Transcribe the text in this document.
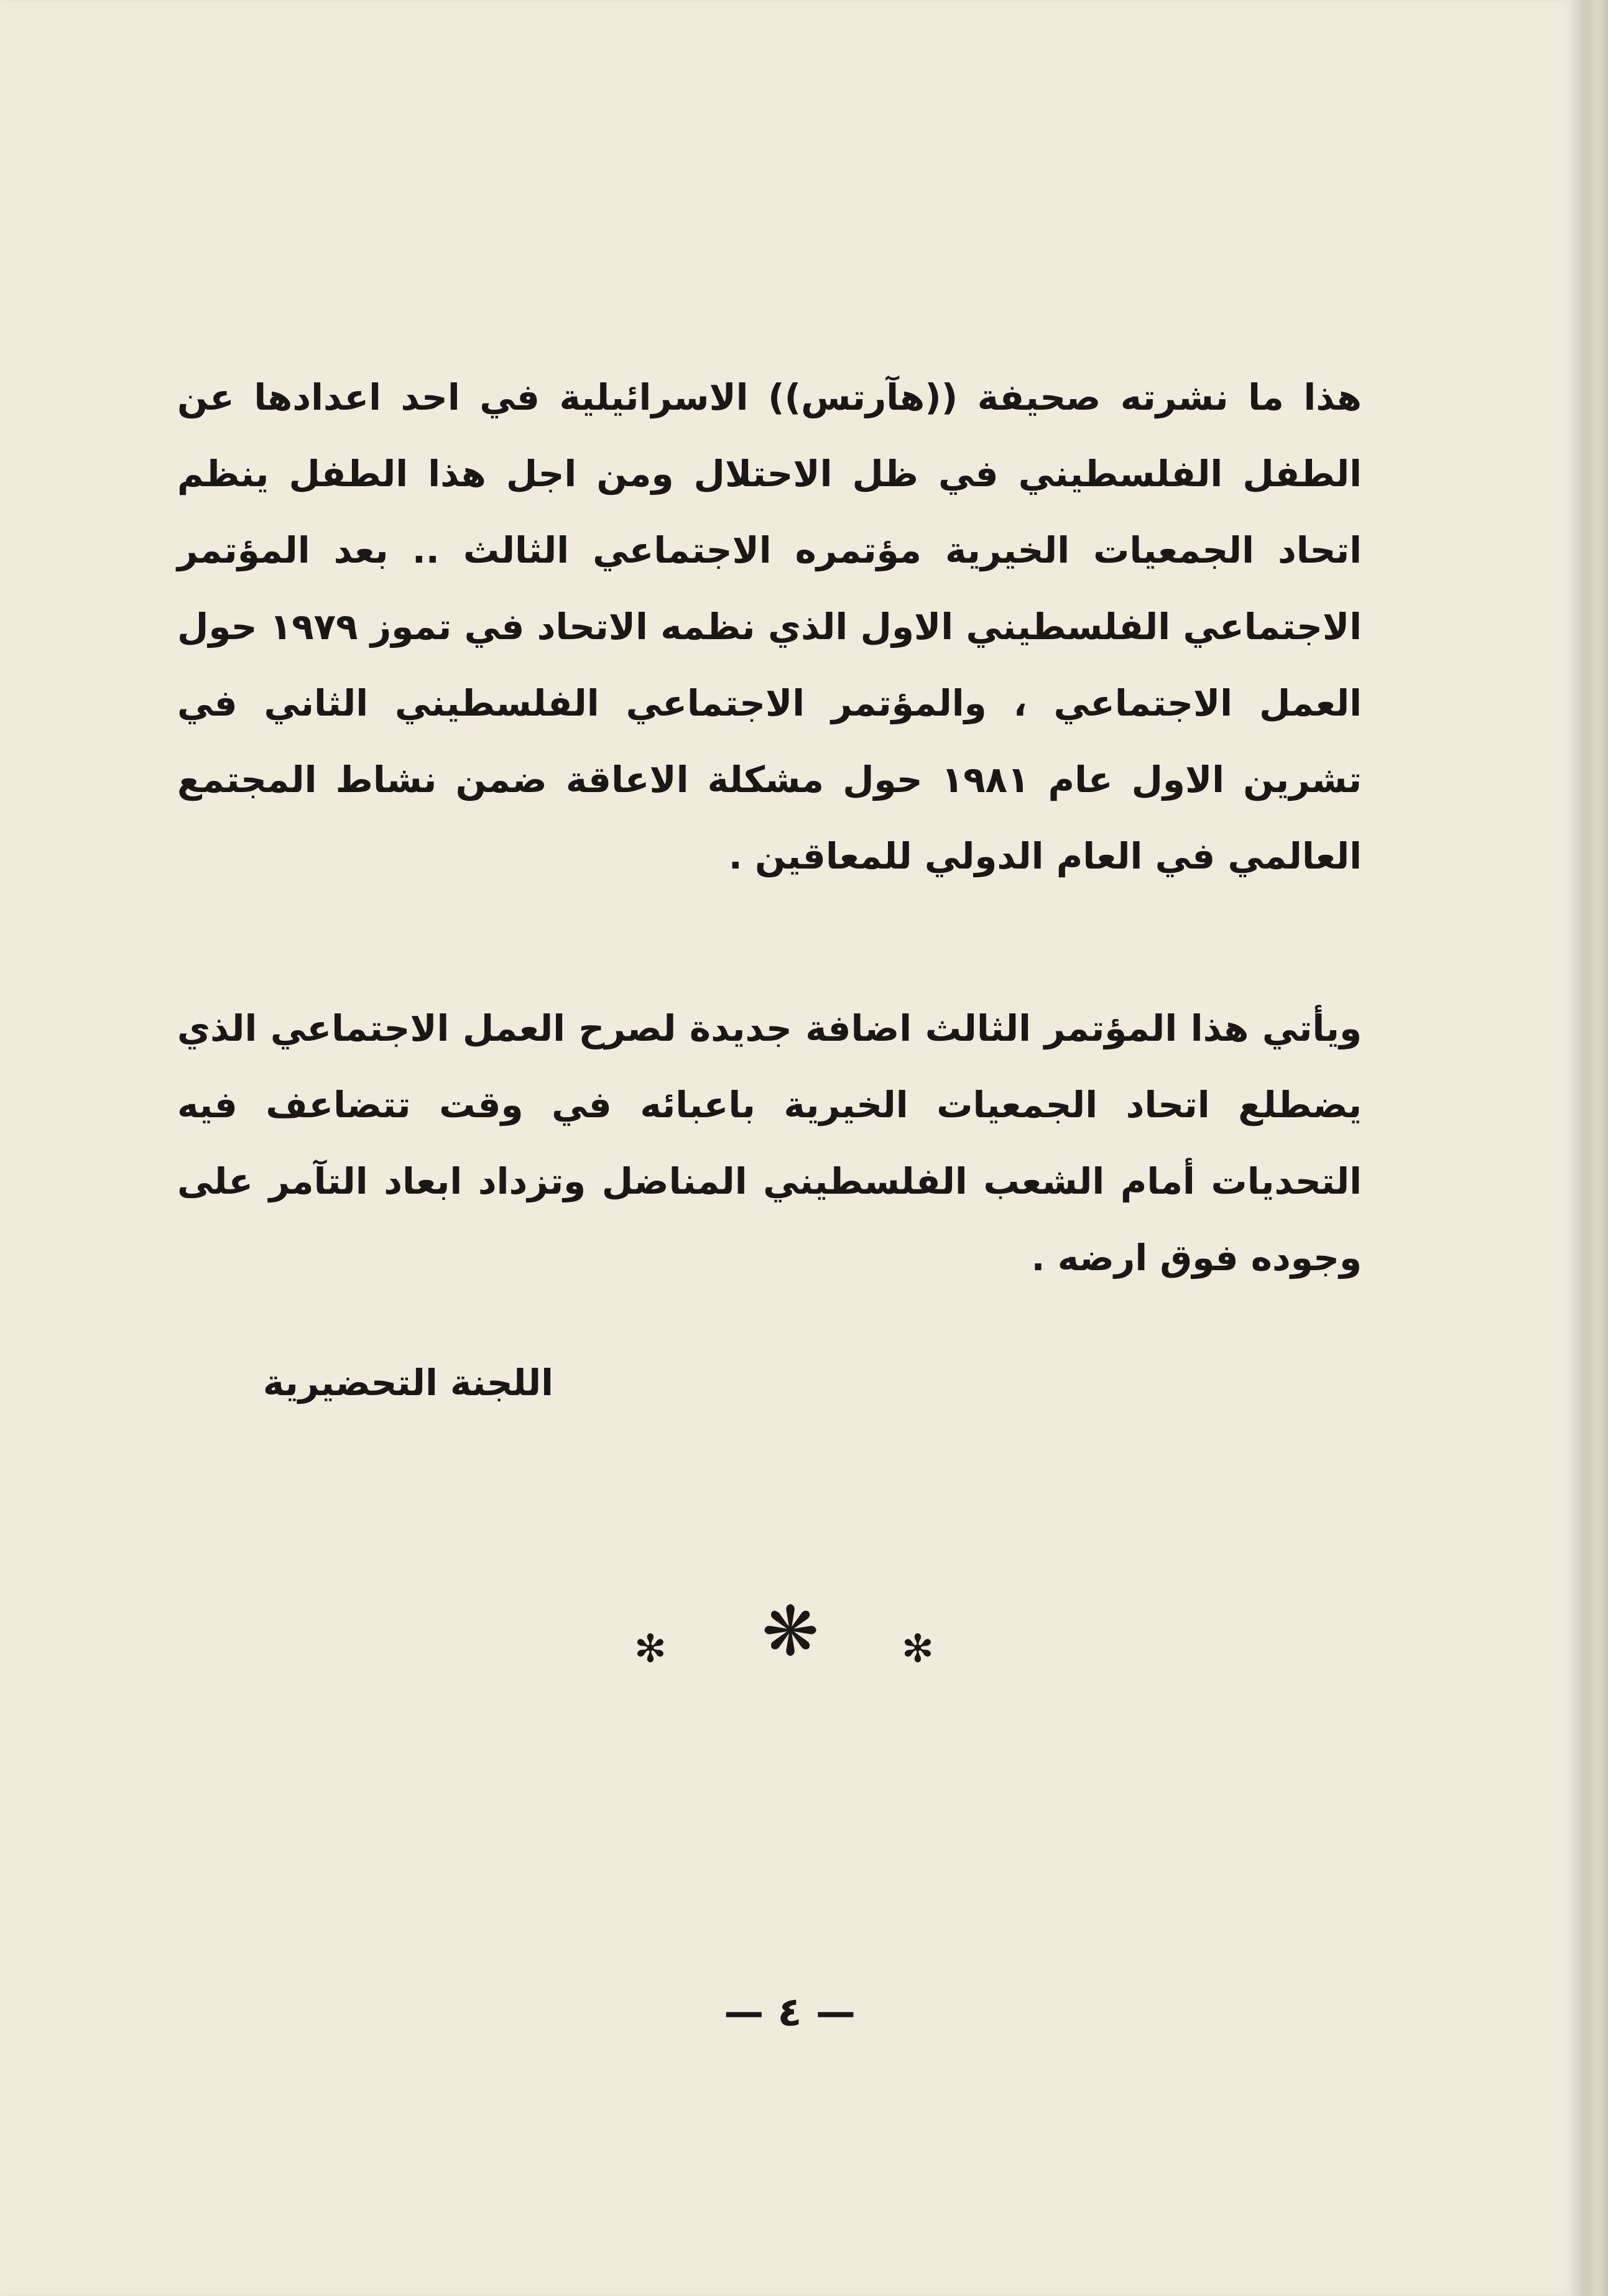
هذا ما نشرته صحيفة ((هآرتس)) الاسرائيلية في احد اعدادها عن الطفل الفلسطيني في ظل الاحتلال ومن اجل هذا الطفل ينظم اتحاد الجمعيات الخيرية مؤتمره الاجتماعي الثالث .. بعد المؤتمر الاجتماعي الفلسطيني الاول الذي نظمه الاتحاد في تموز ١٩٧٩ حول العمل الاجتماعي ، والمؤتمر الاجتماعي الفلسطيني الثاني في تشرين الاول عام ١٩٨١ حول مشكلة الاعاقة ضمن نشاط المجتمع العالمي في العام الدولي للمعاقين .

ويأتي هذا المؤتمر الثالث اضافة جديدة لصرح العمل الاجتماعي الذي يضطلع اتحاد الجمعيات الخيرية باعبائه في وقت تتضاعف فيه التحديات أمام الشعب الفلسطيني المناضل وتزداد ابعاد التآمر على وجوده فوق ارضه .

اللجنة التحضيرية
✻ ❋ ✻
— ٤ —
